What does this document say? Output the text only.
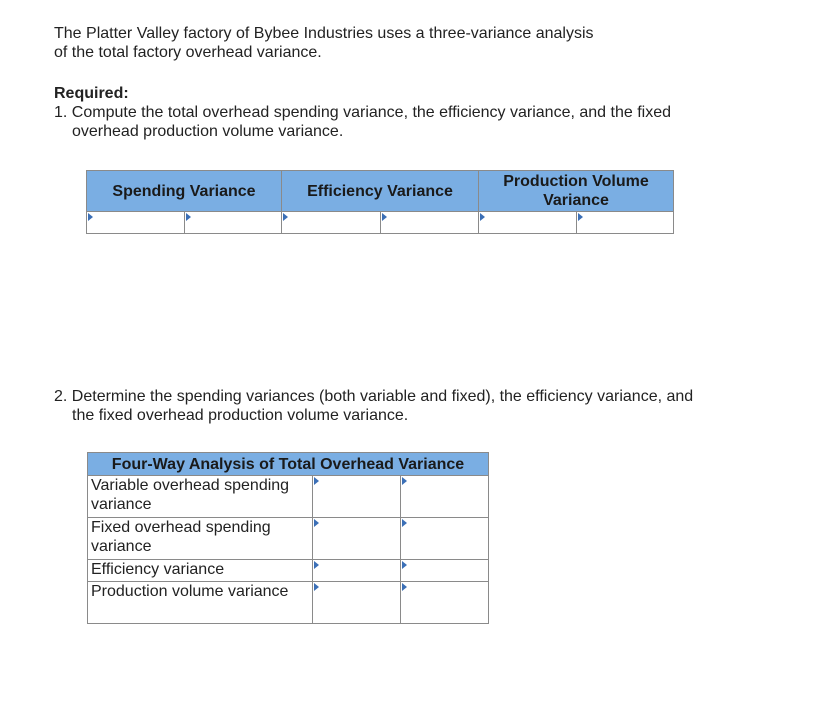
The Platter Valley factory of Bybee Industries uses a three-variance analysis
of the total factory overhead variance.
Required:
1. Compute the total overhead spending variance, the efficiency variance, and the fixed overhead production volume variance.
Spending Variance		Efficiency Variance		Production Volume Variance	

2. Determine the spending variances (both variable and fixed), the efficiency variance, and the fixed overhead production volume variance.
Four-Way Analysis of Total Overhead Variance		
Variable overhead spending variance	

Fixed overhead spending variance	

Efficiency variance	

Production volume variance	
